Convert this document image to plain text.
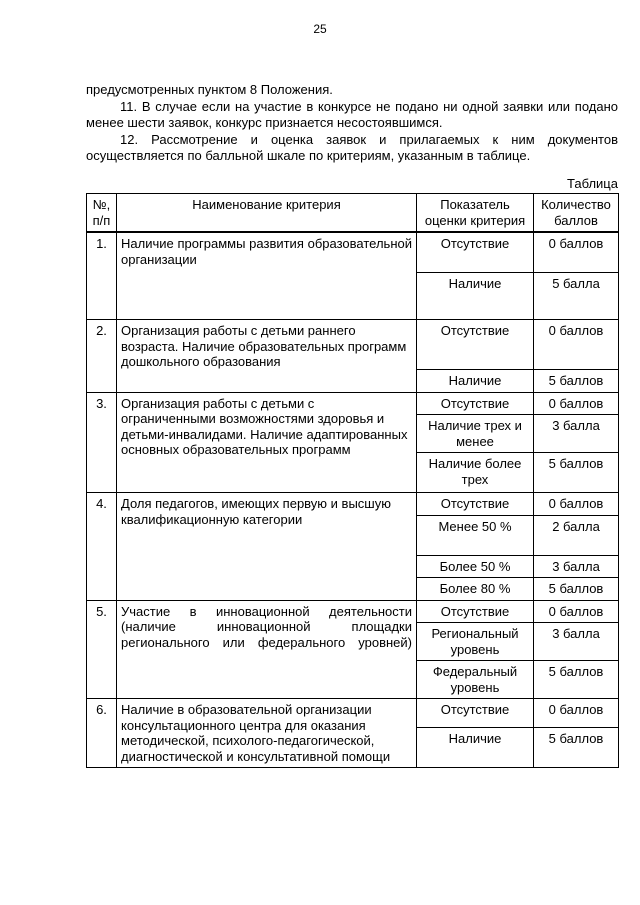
25

предусмотренных пунктом 8 Положения.

11. В случае если на участие в конкурсе не подано ни одной заявки или подано менее шести заявок, конкурс признается несостоявшимся.

12. Рассмотрение и оценка заявок и прилагаемых к ним документов осуществляется по балльной шкале по критериям, указанным в таблице.

Таблица
№, п/п	Наименование критерия	Показатель оценки критерия	Количество баллов
1.	Наличие программы развития образовательной организации	Отсутствие	0 баллов
		Наличие	5 балла
2.	Организация работы с детьми раннего возраста. Наличие образовательных программ дошкольного образования	Отсутствие	0 баллов
		Наличие	5 баллов
3.	Организация работы с детьми с ограниченными возможностями здоровья и детьми-инвалидами. Наличие адаптированных основных образовательных программ	Отсутствие	0 баллов
		Наличие трех и менее	3 балла
		Наличие более трех	5 баллов
4.	Доля педагогов, имеющих первую и высшую квалификационную категории	Отсутствие	0 баллов
		Менее 50 %	2 балла
		Более 50 %	3 балла
		Более 80 %	5 баллов
5.	Участие в инновационной деятельности (наличие инновационной площадки регионального или федерального уровней)	Отсутствие	0 баллов
		Региональный уровень	3 балла
		Федеральный уровень	5 баллов
6.	Наличие в образовательной организации консультационного центра для оказания методической, психолого-педагогической, диагностической и консультативной помощи	Отсутствие	0 баллов
		Наличие	5 баллов
